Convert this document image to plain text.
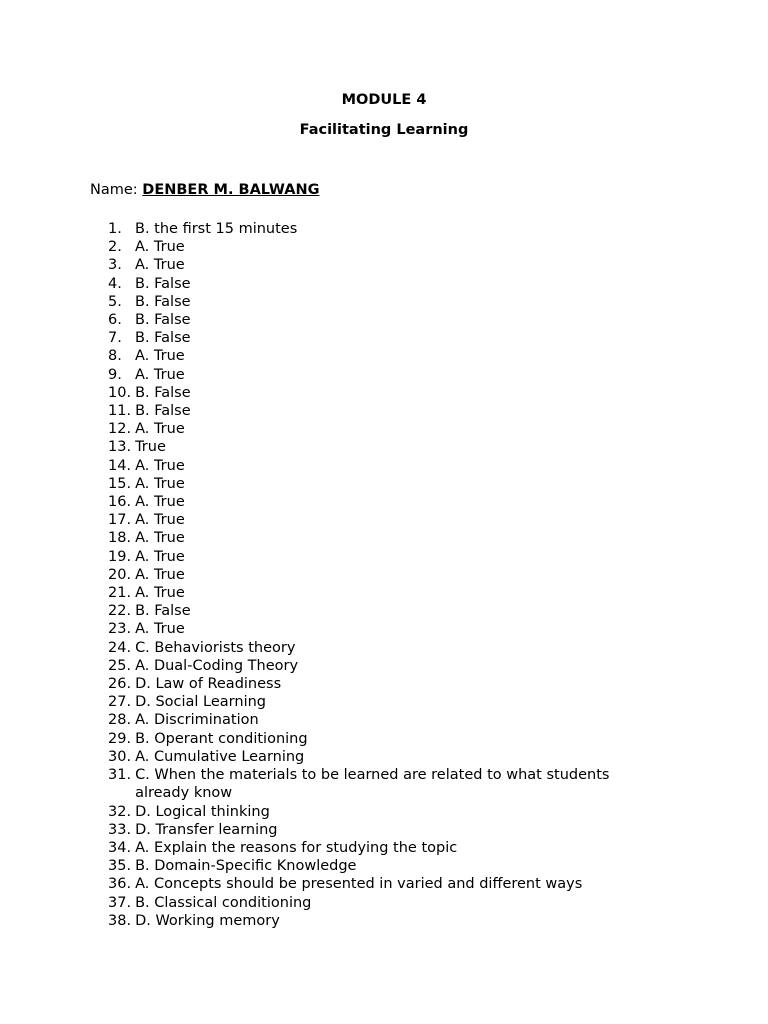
MODULE 4
Facilitating Learning
Name: DENBER M. BALWANG
1. B. the first 15 minutes
2. A. True
3. A. True
4. B. False
5. B. False
6. B. False
7. B. False
8. A. True
9. A. True
10. B. False
11. B. False
12. A. True
13. True
14. A. True
15. A. True
16. A. True
17. A. True
18. A. True
19. A. True
20. A. True
21. A. True
22. B. False
23. A. True
24. C. Behaviorists theory
25. A. Dual-Coding Theory
26. D. Law of Readiness
27. D. Social Learning
28. A. Discrimination
29. B. Operant conditioning
30. A. Cumulative Learning
31. C. When the materials to be learned are related to what students already know
32. D. Logical thinking
33. D. Transfer learning
34. A. Explain the reasons for studying the topic
35. B. Domain-Specific Knowledge
36. A. Concepts should be presented in varied and different ways
37. B. Classical conditioning
38. D. Working memory
